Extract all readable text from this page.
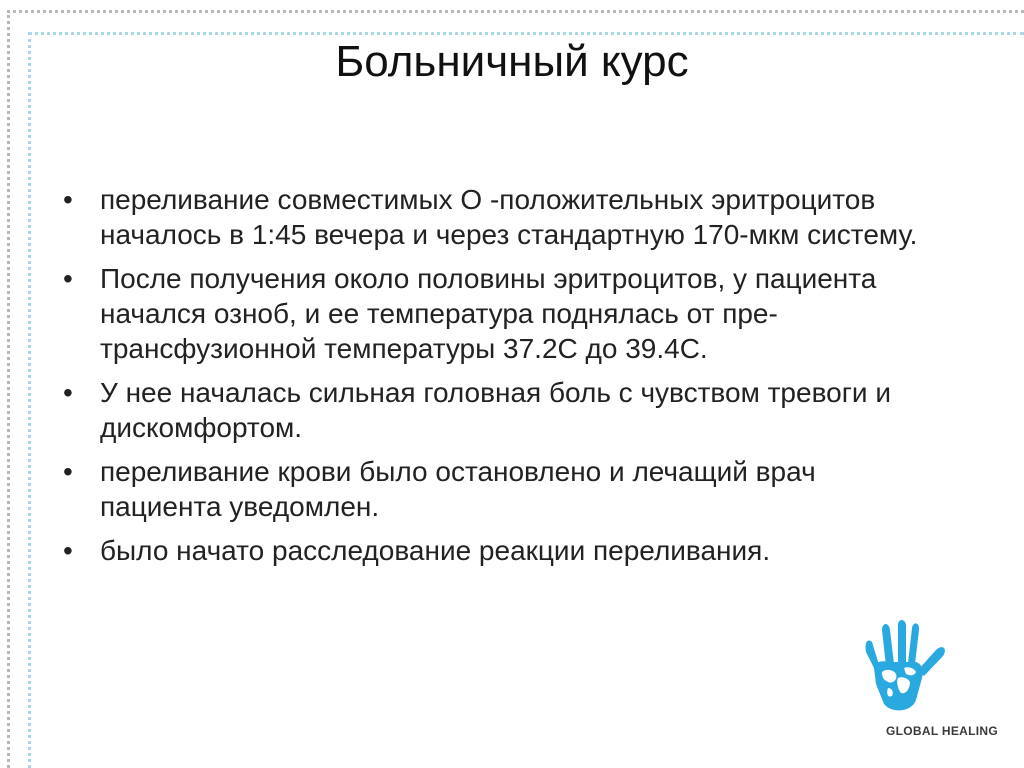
Больничный курс
• переливание совместимых О -положительных эритроцитов началось в 1:45 вечера и через стандартную 170-мкм систему.
• После получения около половины эритроцитов, у пациента начался озноб, и ее температура поднялась от пре-трансфузионной температуры 37.2С до 39.4С.
• У нее началась сильная головная боль с чувством тревоги и дискомфортом.
• переливание крови было остановлено и лечащий врач пациента уведомлен.
• было начато расследование реакции переливания.
GLOBAL HEALING
